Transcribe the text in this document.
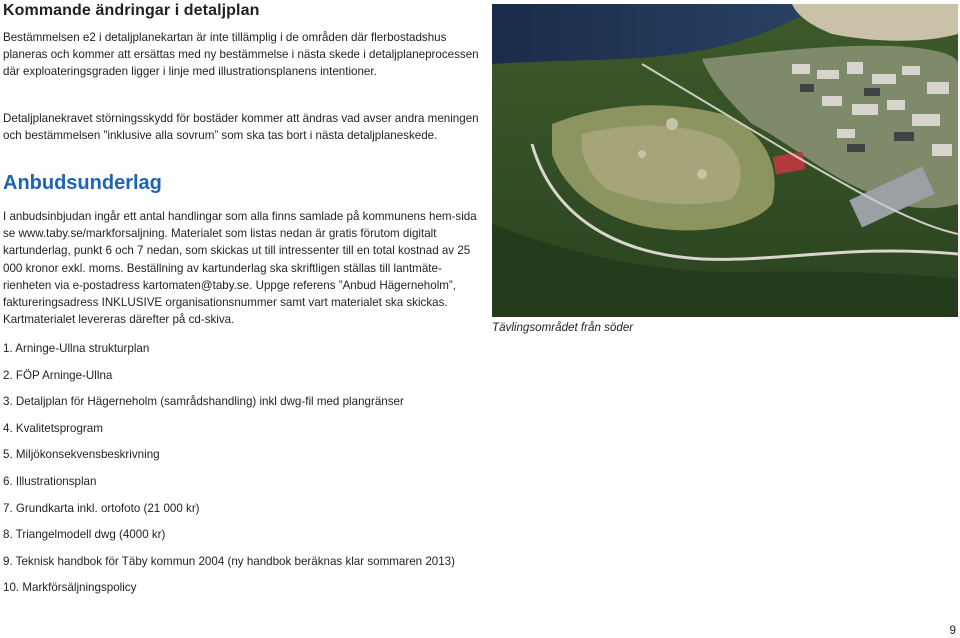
Kommande ändringar i detaljplan
Bestämmelsen e2 i detaljplanekartan är inte tillämplig i de områden där flerbostadshus planeras och kommer att ersättas med ny bestämmelse i nästa skede i detaljplaneprocessen där exploateringsgraden ligger i linje med illustrationsplanens intentioner.
Detaljplanekravet störningsskydd för bostäder kommer att ändras vad avser andra meningen och bestämmelsen ”inklusive alla sovrum” som ska tas bort i nästa detaljplaneskede.
Anbudsunderlag
I anbudsinbjudan ingår ett antal handlingar som alla finns samlade på kommunens hem-sida se www.taby.se/markforsaljning. Materialet som listas nedan är gratis förutom digitalt kartunderlag, punkt 6 och 7 nedan, som skickas ut till intressenter till en total kostnad av 25 000 kronor exkl. moms. Beställning av kartunderlag ska skriftligen ställas till lantmäte-rienheten via e-postadress kartomaten@taby.se. Uppge referens ”Anbud Hägerneholm”, faktureringsadress INKLUSIVE organisationsnummer samt vart materialet ska skickas. Kartmaterialet levereras därefter på cd-skiva.
1. Arninge-Ullna strukturplan
2. FÖP Arninge-Ullna
3. Detaljplan för Hägerneholm (samrådshandling) inkl dwg-fil med plangränser
4. Kvalitetsprogram
5. Miljökonsekvensbeskrivning
6. Illustrationsplan
7. Grundkarta inkl. ortofoto (21 000 kr)
8. Triangelmodell dwg (4000 kr)
9. Teknisk handbok för Täby kommun 2004 (ny handbok beräknas klar sommaren 2013)
10. Markförsäljningspolicy
Tävlingsområdet från söder
9
